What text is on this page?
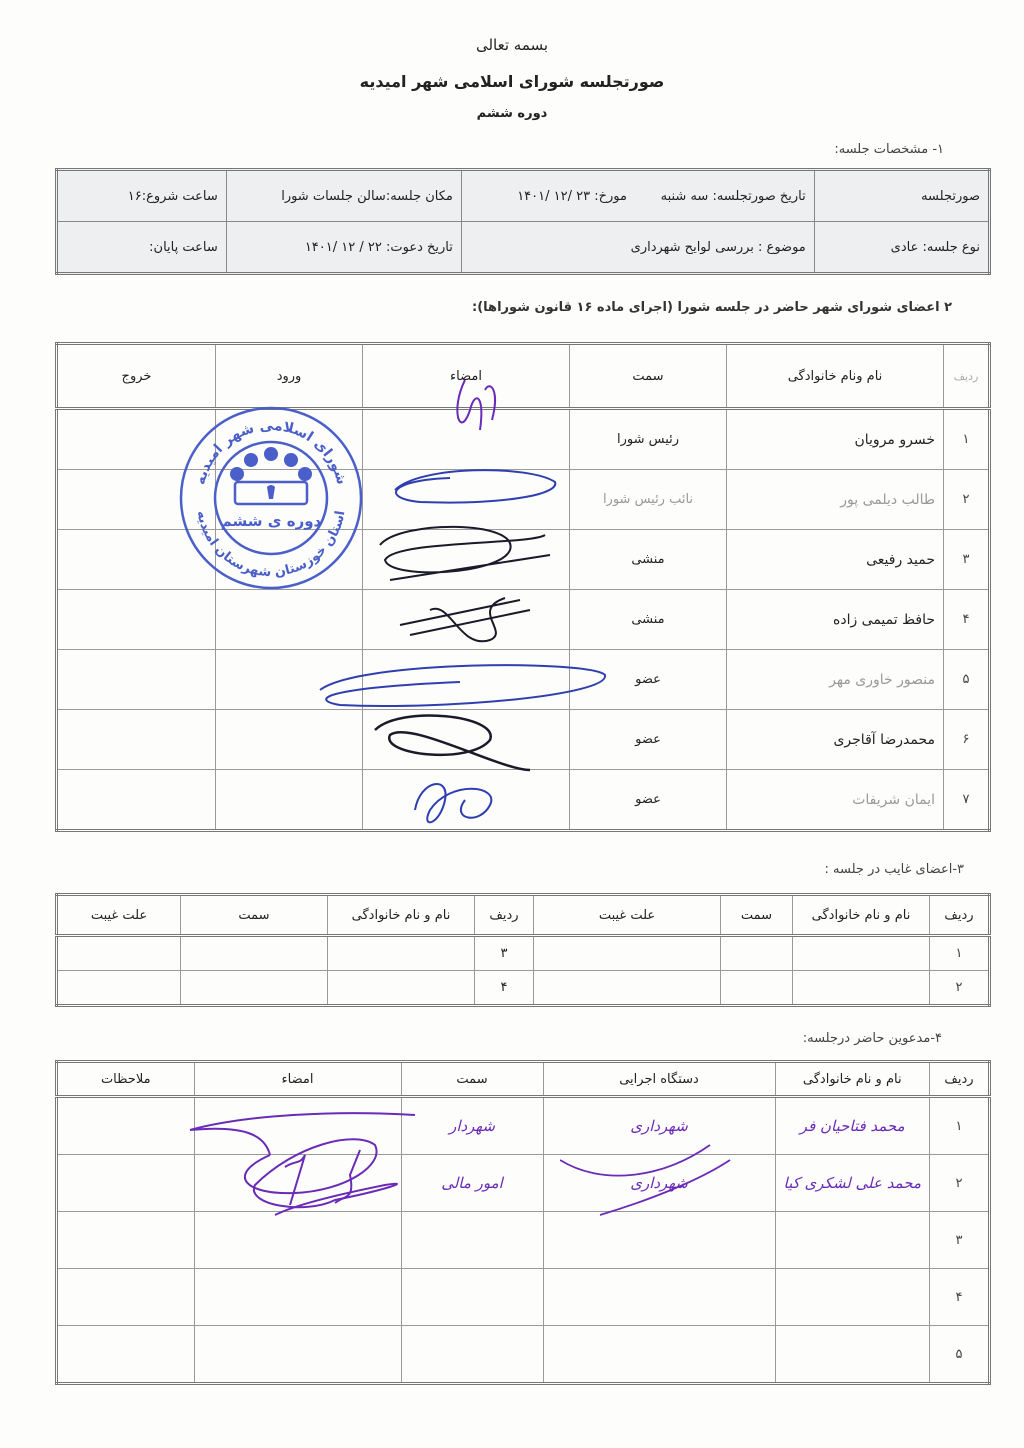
بسمه تعالی
صورتجلسه شورای اسلامی شهر امیدیه
دوره ششم
۱- مشخصات جلسه:
صورتجلسه	تاریخ صورتجلسه: سه شنبه	مورخ: ۲۳ /۱۲ /۱۴۰۱	مکان جلسه:سالن جلسات شورا	ساعت شروع:۱۶
نوع جلسه: عادی	موضوع : بررسی لوایح شهرداری		تاریخ دعوت: ۲۲ / ۱۲ /۱۴۰۱	ساعت پایان:
۲ اعضای شورای شهر حاضر در جلسه شورا (اجرای ماده ۱۶ قانون شوراها):
ردیف	نام ونام خانوادگی	سمت	امضاء	ورود	خروج
۱	خسرو مرویان	رئیس شورا			
۲	طالب دیلمی پور	نائب رئیس شورا			
۳	حمید رفیعی	منشی			
۴	حافظ تمیمی زاده	منشی			
۵	منصور خاوری مهر	عضو			
۶	محمدرضا آقاجری	عضو			
۷	ایمان شریفات	عضو			
شورای اسلامی شهر امیدیه
استان خوزستان شهرستان امیدیه
دوره ی ششم
۳-اعضای غایب در جلسه :
ردیف	نام و نام خانوادگی	سمت	علت غیبت	ردیف	نام و نام خانوادگی	سمت	علت غیبت
۱				۳			
۲				۴			
۴-مدعوین حاضر درجلسه:
ردیف	نام و نام خانوادگی	دستگاه اجرایی	سمت	امضاء	ملاحظات
۱	محمد فتاحیان فر	شهرداری	شهردار		
۲	محمد علی لشکری کیا	شهرداری	امور مالی		
۳					
۴					
۵					
